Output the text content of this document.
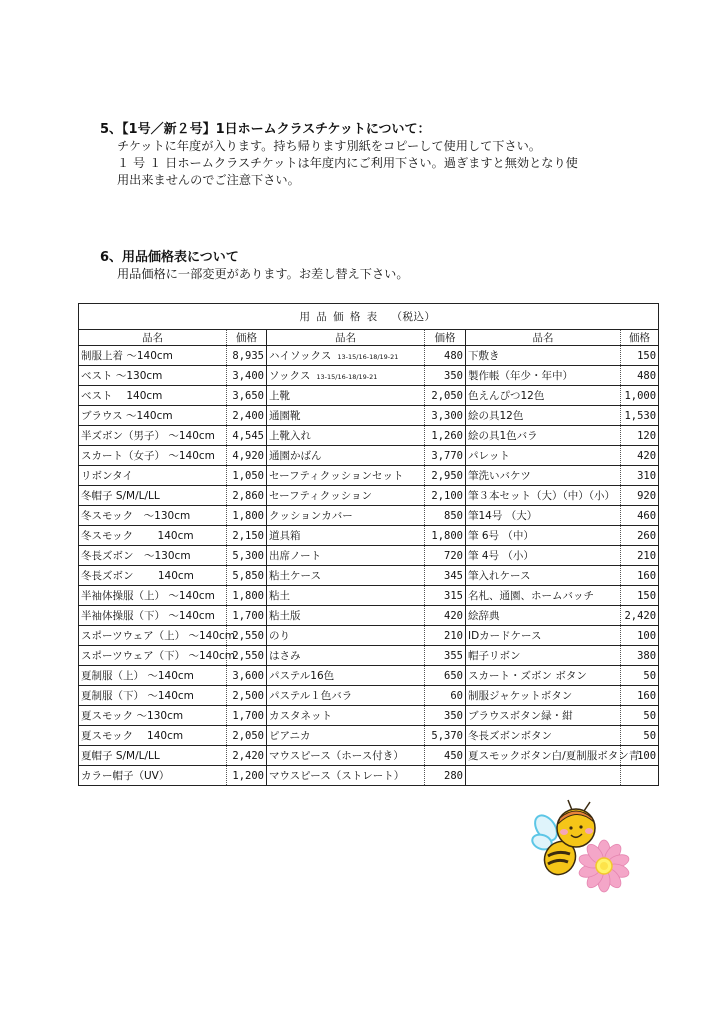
5、【1号／新２号】1日ホームクラスチケットについて：

チケットに年度が入ります。持ち帰ります別紙をコピーして使用して下さい。

１ 号 １ 日ホームクラスチケットは年度内にご利用下さい。過ぎますと無効となり使

用出来ませんのでご注意下さい。

6、用品価格表について

用品価格に一部変更があります。お差し替え下さい。

用品価格表 （税込）					
品名	価格	品名	価格	品名	価格
制服上着 ～140cm	8,935	ハイソックス 13-15/16-18/19-21	480	下敷き	150
ベスト ～130cm	3,400	ソックス 13-15/16-18/19-21	350	製作帳（年少・年中）	480
ベスト　 140cm	3,650	上靴	2,050	色えんぴつ12色	1,000
ブラウス ～140cm	2,400	通園靴	3,300	絵の具12色	1,530
半ズボン（男子） ～140cm	4,545	上靴入れ	1,260	絵の具1色バラ	120
スカート（女子） ～140cm	4,920	通園かばん	3,770	パレット	420
リボンタイ	1,050	セーフティクッションセット	2,950	筆洗いバケツ	310
冬帽子 S/M/L/LL	2,860	セーフティクッション	2,100	筆３本セット（大）（中）（小）	920
冬スモック　～130cm	1,800	クッションカバー	850	筆14号 （大）	460
冬スモック　　 140cm	2,150	道具箱	1,800	筆 6号 （中）	260
冬長ズボン　～130cm	5,300	出席ノート	720	筆 4号 （小）	210
冬長ズボン　　 140cm	5,850	粘土ケース	345	筆入れケース	160
半袖体操服（上） ～140cm	1,800	粘土	315	名札、通園、ホームバッチ	150
半袖体操服（下） ～140cm	1,700	粘土版	420	絵辞典	2,420
スポーツウェア（上） ～140cm	2,550	のり	210	IDカードケース	100
スポーツウェア（下） ～140cm	2,550	はさみ	355	帽子リボン	380
夏制服（上） ～140cm	3,600	パステル16色	650	スカート・ズボン ボタン	50
夏制服（下） ～140cm	2,500	パステル１色バラ	60	制服ジャケットボタン	160
夏スモック ～130cm	1,700	カスタネット	350	ブラウスボタン緑・紺	50
夏スモック　 140cm	2,050	ピアニカ	5,370	冬長ズボンボタン	50
夏帽子 S/M/L/LL	2,420	マウスピース（ホース付き）	450	夏スモックボタン白/夏制服ボタン青	100
カラー帽子（UV）	1,200	マウスピース（ストレート）	280		
